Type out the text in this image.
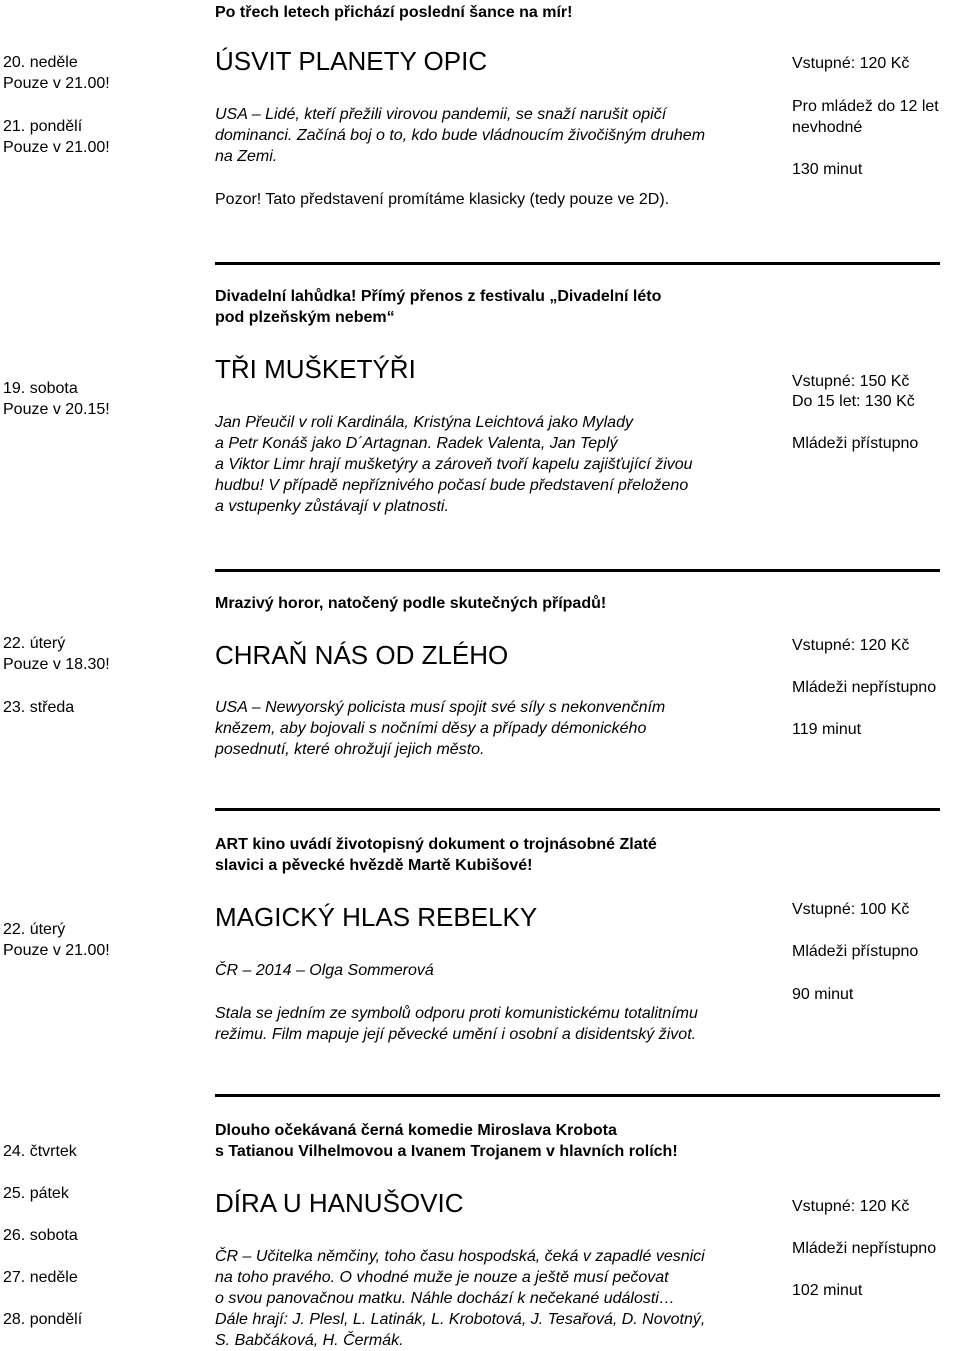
Po třech letech přichází poslední šance na mír!
20. neděle
Pouze v 21.00!
21. pondělí
Pouze v 21.00!
ÚSVIT PLANETY OPIC
USA – Lidé, kteří přežili virovou pandemii, se snaží narušit opičí
dominanci. Začíná boj o to, kdo bude vládnoucím živočišným druhem
na Zemi.
Pozor! Tato představení promítáme klasicky (tedy pouze ve 2D).
Vstupné: 120 Kč
Pro mládež do 12 let
nevhodné
130 minut
Divadelní lahůdka! Přímý přenos z festivalu „Divadelní léto
pod plzeňským nebem“
19. sobota
Pouze v 20.15!
TŘI MUŠKETÝŘI
Jan Přeučil v roli Kardinála, Kristýna Leichtová jako Mylady
a Petr Konáš jako D´Artagnan. Radek Valenta, Jan Teplý
a Viktor Limr hrají mušketýry a zároveň tvoří kapelu zajišťující živou
hudbu! V případě nepříznivého počasí bude představení přeloženo
a vstupenky zůstávají v platnosti.
Vstupné: 150 Kč
Do 15 let: 130 Kč
Mládeži přístupno
Mrazivý horor, natočený podle skutečných případů!
22. úterý
Pouze v 18.30!
23. středa
CHRAŇ NÁS OD ZLÉHO
USA – Newyorský policista musí spojit své síly s nekonvenčním
knězem, aby bojovali s nočními děsy a případy démonického
posednutí, které ohrožují jejich město.
Vstupné: 120 Kč
Mládeži nepřístupno
119 minut
ART kino uvádí životopisný dokument o trojnásobné Zlaté
slavici a pěvecké hvězdě Martě Kubišové!
22. úterý
Pouze v 21.00!
MAGICKÝ HLAS REBELKY
ČR – 2014 – Olga Sommerová
Stala se jedním ze symbolů odporu proti komunistickému totalitnímu
režimu. Film mapuje její pěvecké umění i osobní a disidentský život.
Vstupné: 100 Kč
Mládeži přístupno
90 minut
Dlouho očekávaná černá komedie Miroslava Krobota
s Tatianou Vilhelmovou a Ivanem Trojanem v hlavních rolích!
24. čtvrtek
25. pátek
26. sobota
27. neděle
28. pondělí
DÍRA U HANUŠOVIC
ČR – Učitelka němčiny, toho času hospodská, čeká v zapadlé vesnici
na toho pravého. O vhodné muže je nouze a ještě musí pečovat
o svou panovačnou matku. Náhle dochází k nečekané události…
Dále hrají: J. Plesl, L. Latinák, L. Krobotová, J. Tesařová, D. Novotný,
S. Babčáková, H. Čermák.
Vstupné: 120 Kč
Mládeži nepřístupno
102 minut
